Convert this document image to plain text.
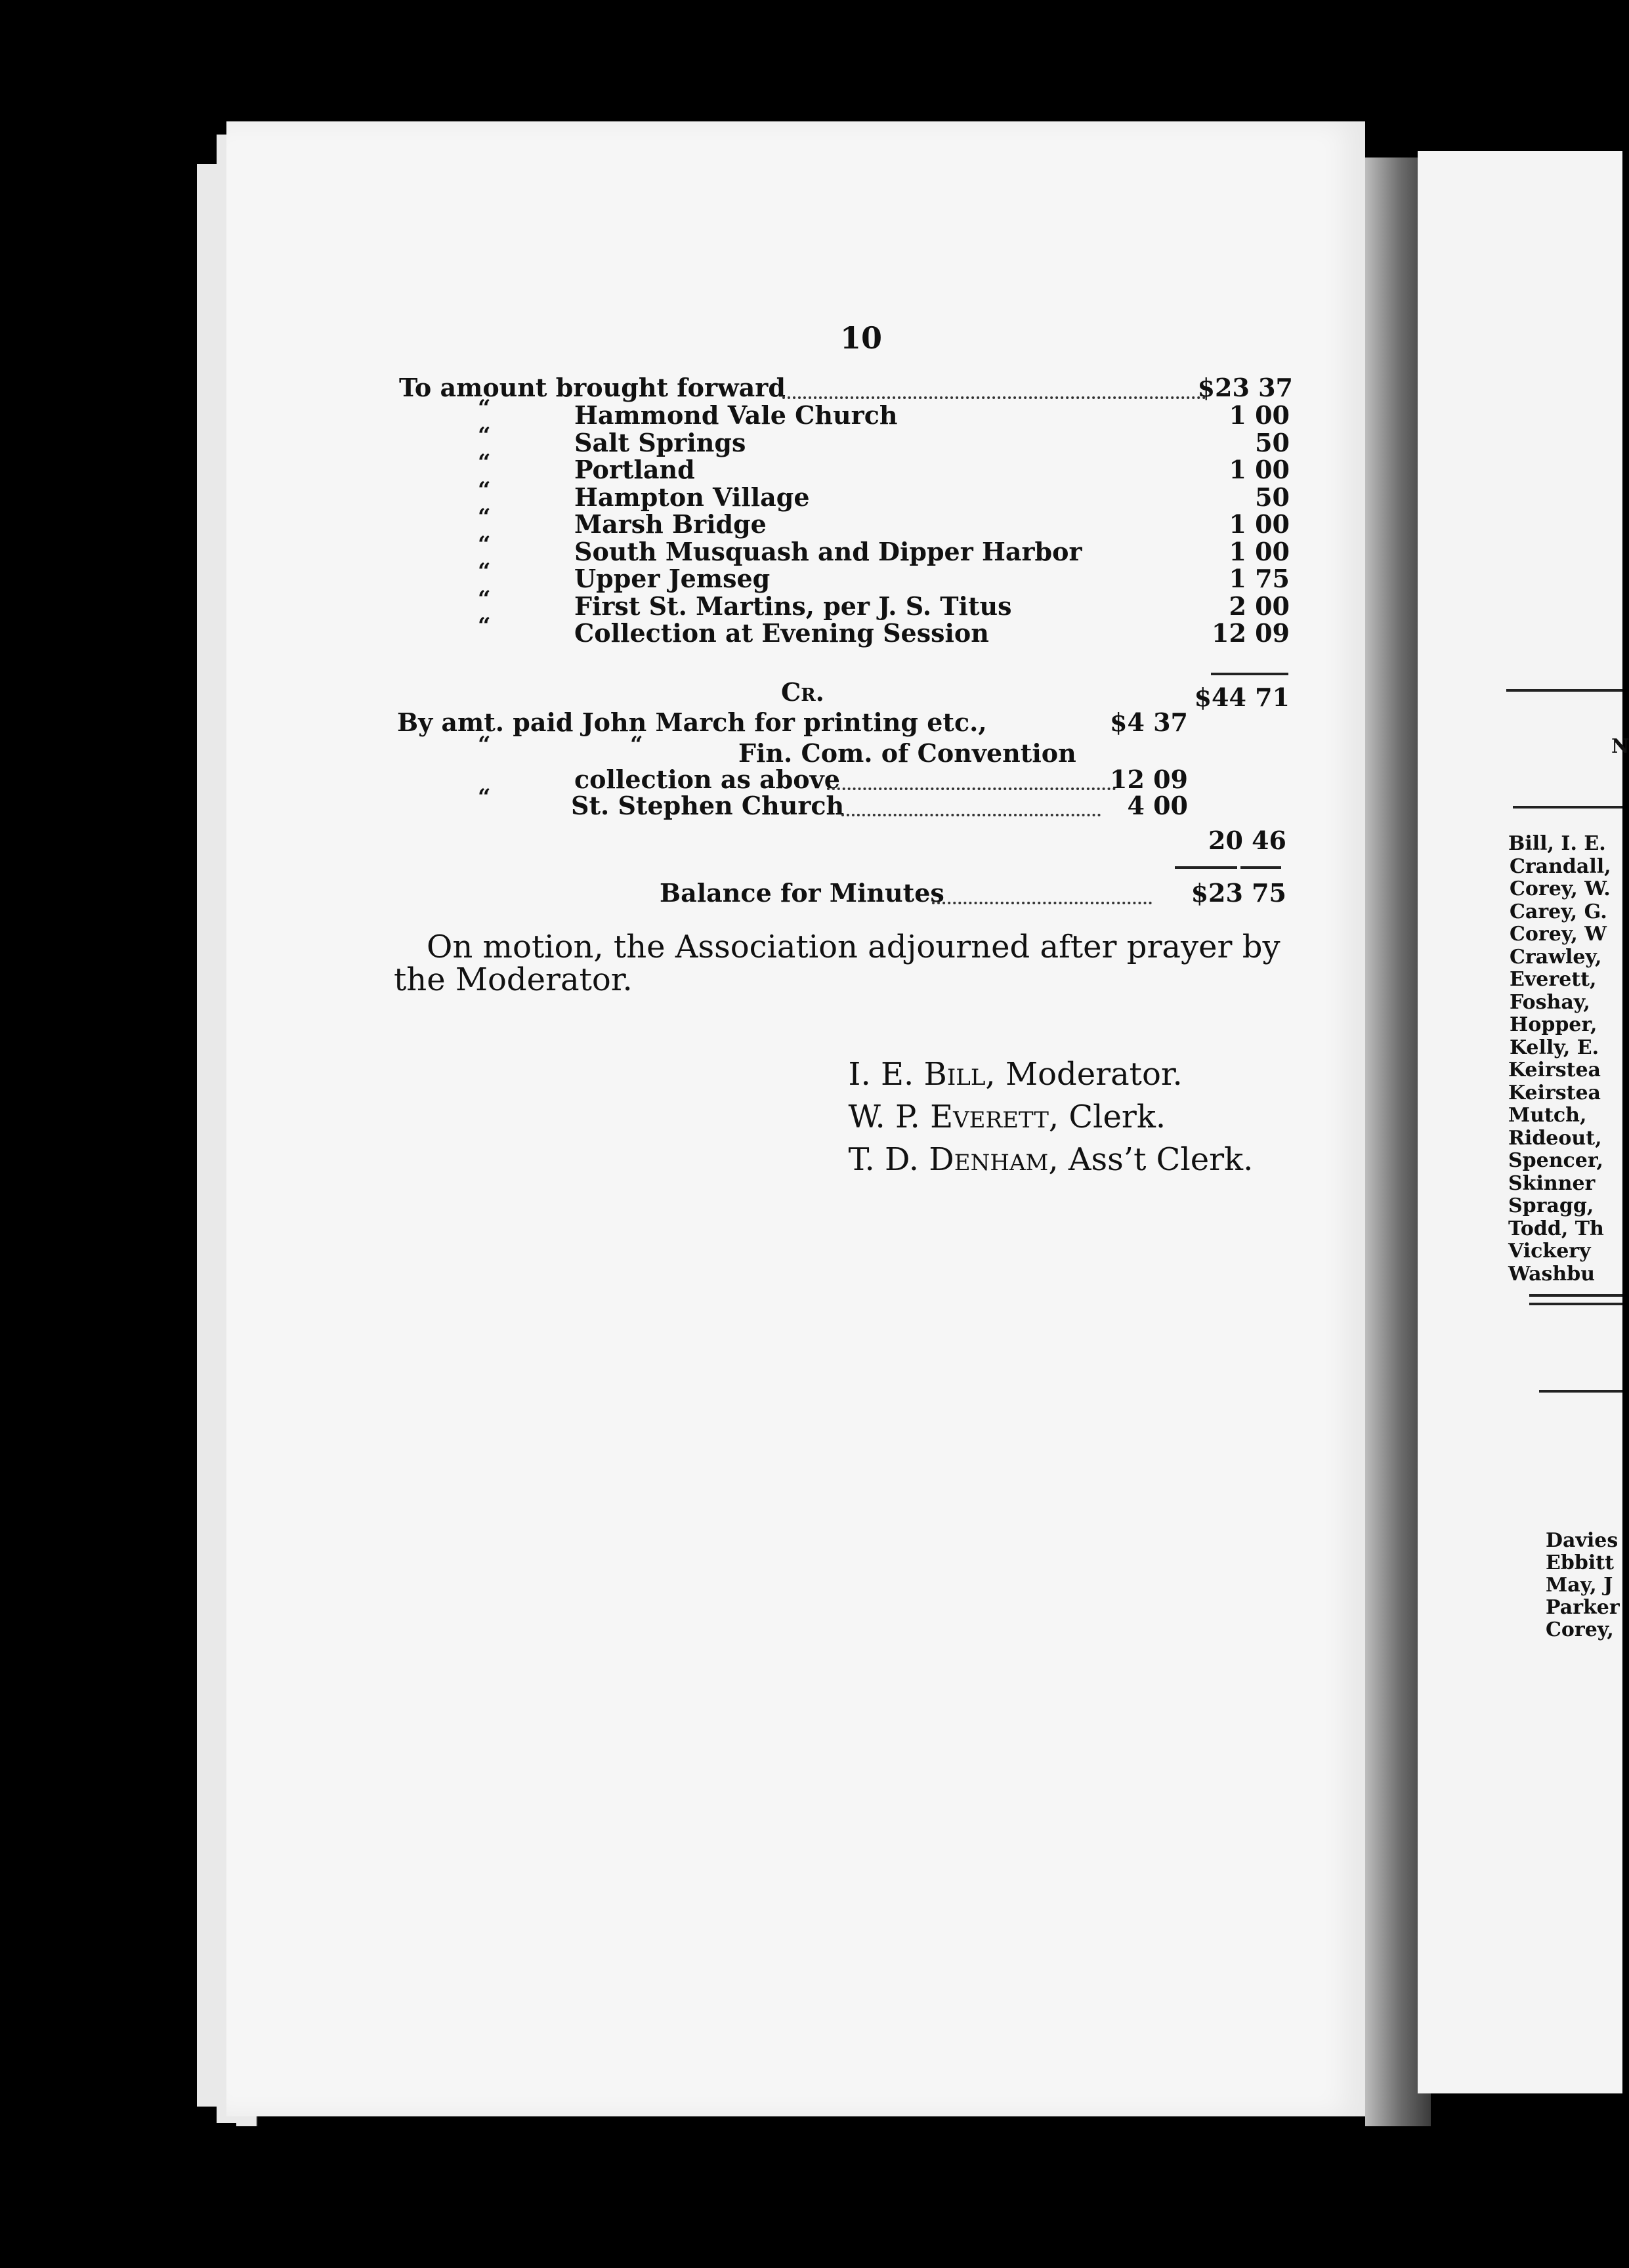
10
To amount brought forward	$23 37
“	Hammond Vale Church	1 00
“	Salt Springs	50
“	Portland	1 00
“	Hampton Village	50
“	Marsh Bridge	1 00
“	South Musquash and Dipper Harbor	1 00
“	Upper Jemseg	1 75
“	First St. Martins, per J. S. Titus	2 00
“	Collection at Evening Session	12 09
$44 71
Cr.
By amt. paid John March for printing etc.,	$4 37
“	“	Fin. Com. of Convention
collection as above	12 09
“	St. Stephen Church	4 00
20 46
Balance for Minutes	$23 75
On motion, the Association adjourned after prayer by
the Moderator.

I. E. Bill, Moderator.

W. P. Everett, Clerk.

T. D. Denham, Ass’t Clerk.

N
Bill, I. E.
Crandall,
Corey, W.
Carey, G.
Corey, W
Crawley,
Everett,
Foshay,
Hopper,
Kelly, E.
Keirstea
Keirstea
Mutch,
Rideout,
Spencer,
Skinner
Spragg,
Todd, Th
Vickery
Washbu
Davies
Ebbitt
May, J
Parker
Corey,
